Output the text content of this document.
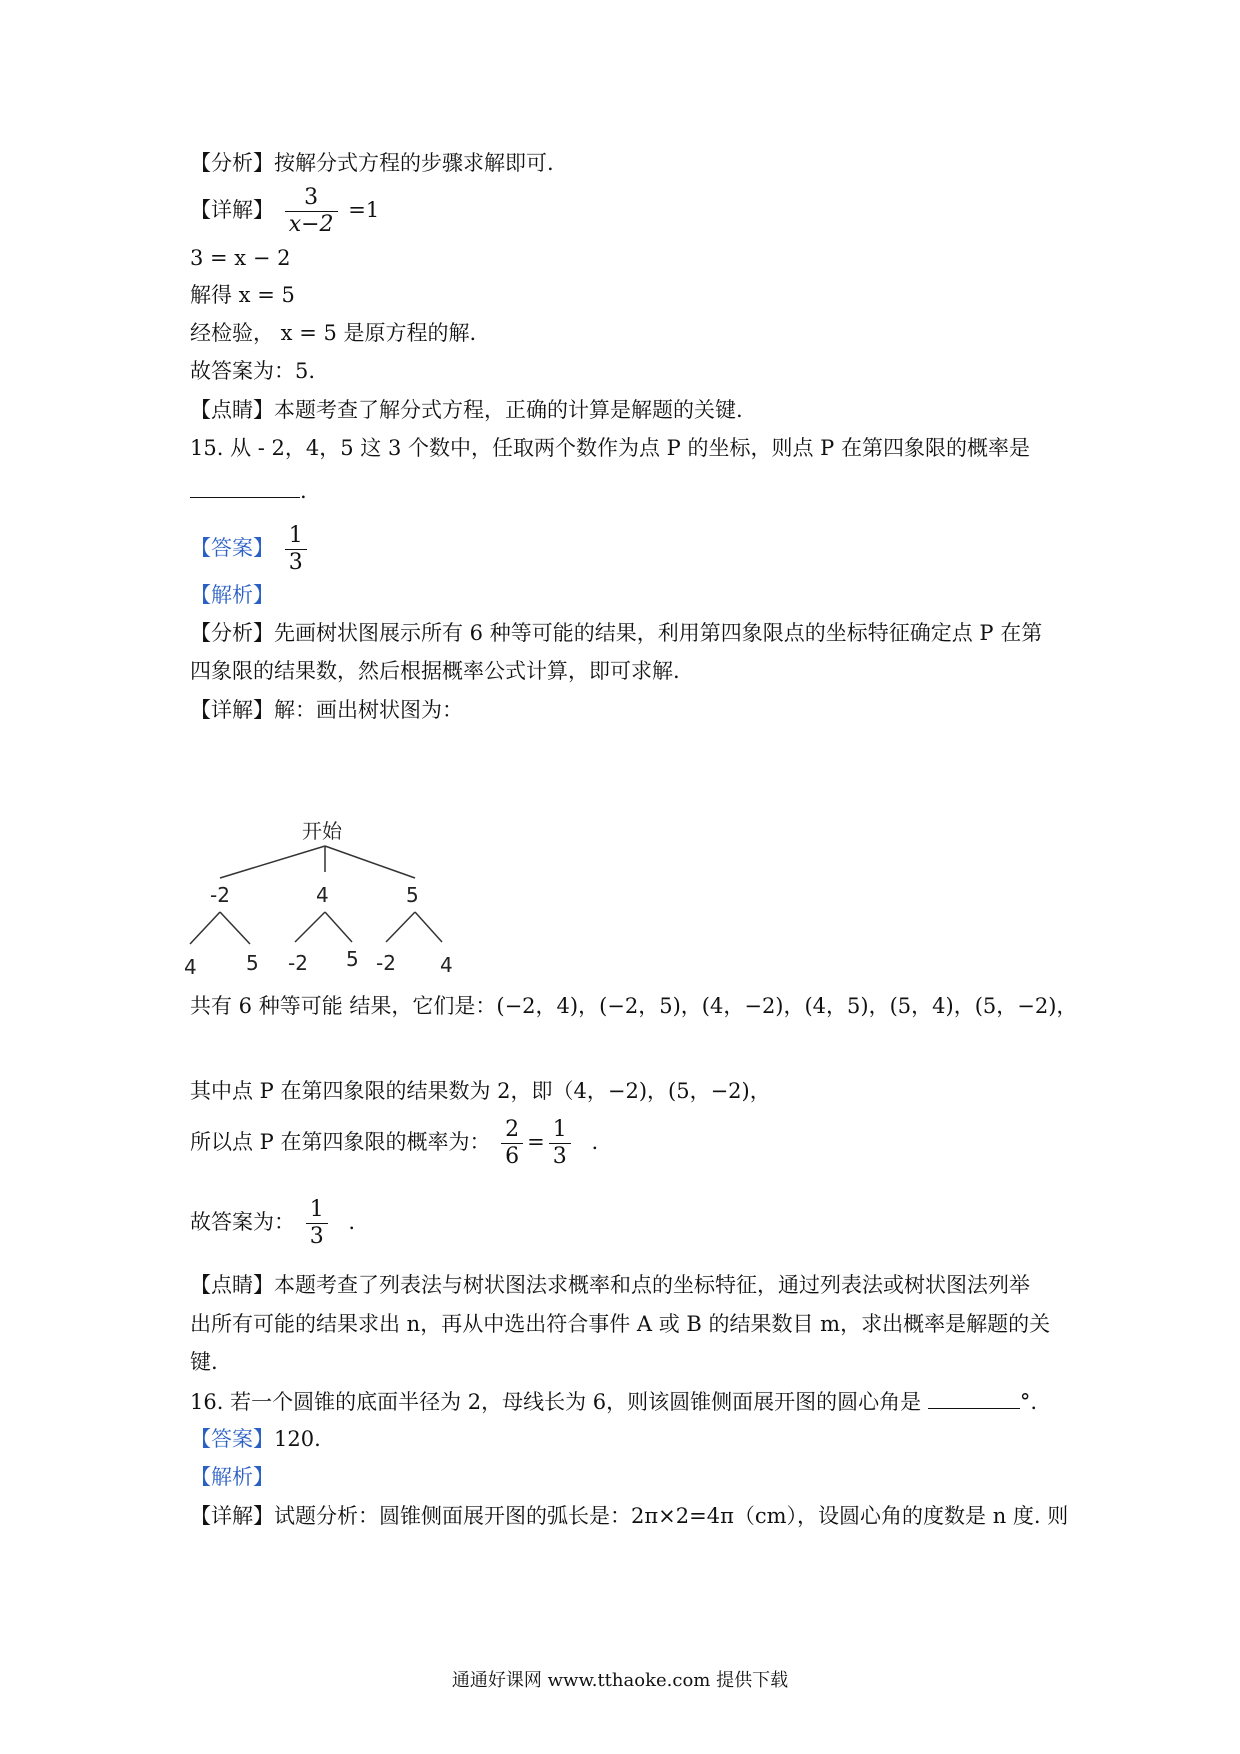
【分析】按解分式方程的步骤求解即可.
【详解】 $\frac{3}{x-2} =1$
3 = x − 2
解得 x = 5
经检验， x = 5 是原方程的解.
故答案为：5.
【点睛】本题考查了解分式方程，正确的计算是解题的关键.
15. 从 - 2，4，5 这 3 个数中，任取两个数作为点 P 的坐标，则点 P 在第四象限的概率是
.
【答案】 $\frac{1}{3}$
【解析】
【分析】先画树状图展示所有 6 种等可能的结果，利用第四象限点的坐标特征确定点 P 在第
四象限的结果数，然后根据概率公式计算，即可求解.
【详解】解：画出树状图为：
开始
-2	4	5
4 5 -2 5 -2 4
共有 6 种等可能 结果，它们是：(−2，4)，(−2，5)，(4，−2)，(4，5)，(5，4)，(5，−2)，
其中点 P 在第四象限的结果数为 2，即（4，−2)，(5，−2)，
所以点 P 在第四象限的概率为： $\frac{2}{6} = \frac{1}{3}$ .
故答案为： $\frac{1}{3}$ .
【点睛】本题考查了列表法与树状图法求概率和点的坐标特征，通过列表法或树状图法列举
出所有可能的结果求出 n，再从中选出符合事件 A 或 B 的结果数目 m，求出概率是解题的关
键.
16. 若一个圆锥的底面半径为 2，母线长为 6，则该圆锥侧面展开图的圆心角是	°.
【答案】120.
【解析】
【详解】试题分析：圆锥侧面展开图的弧长是：2π×2=4π（cm），设圆心角的度数是 n 度. 则
通通好课网 www.tthaoke.com 提供下载
